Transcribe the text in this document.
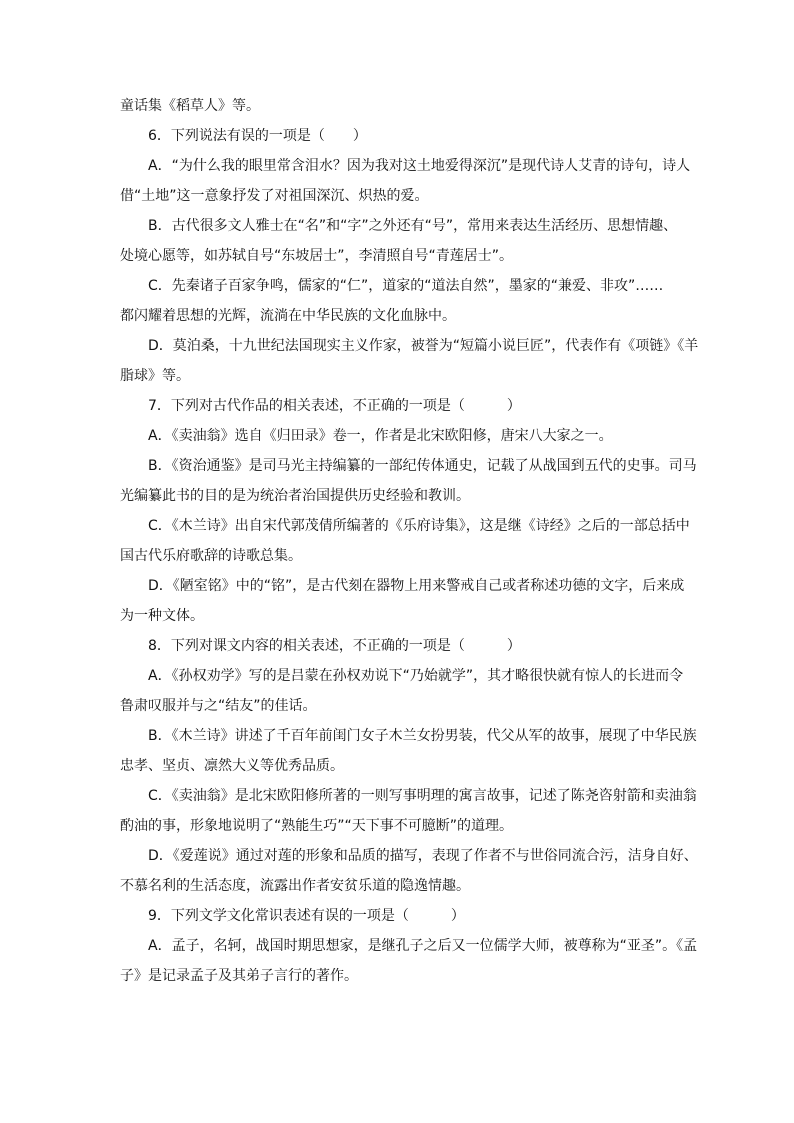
童话集《稻草人》等。
6．下列说法有误的一项是（　　）
A．“为什么我的眼里常含泪水？因为我对这土地爱得深沉”是现代诗人艾青的诗句，诗人
借“土地”这一意象抒发了对祖国深沉、炽热的爱。
B．古代很多文人雅士在“名”和“字”之外还有“号”，常用来表达生活经历、思想情趣、
处境心愿等，如苏轼自号“东坡居士”，李清照自号“青莲居士”。
C．先秦诸子百家争鸣，儒家的“仁”，道家的“道法自然”，墨家的“兼爱、非攻”……
都闪耀着思想的光辉，流淌在中华民族的文化血脉中。
D．莫泊桑，十九世纪法国现实主义作家，被誉为“短篇小说巨匠”，代表作有《项链》《羊
脂球》等。
7．下列对古代作品的相关表述，不正确的一项是（　　　）
A．《卖油翁》选自《归田录》卷一，作者是北宋欧阳修，唐宋八大家之一。
B．《资治通鉴》是司马光主持编纂的一部纪传体通史，记载了从战国到五代的史事。司马
光编纂此书的目的是为统治者治国提供历史经验和教训。
C．《木兰诗》出自宋代郭茂倩所编著的《乐府诗集》，这是继《诗经》之后的一部总括中
国古代乐府歌辞的诗歌总集。
D．《陋室铭》中的“铭”，是古代刻在器物上用来警戒自己或者称述功德的文字，后来成
为一种文体。
8．下列对课文内容的相关表述，不正确的一项是（　　　）
A．《孙权劝学》写的是吕蒙在孙权劝说下“乃始就学”，其才略很快就有惊人的长进而令
鲁肃叹服并与之“结友”的佳话。
B．《木兰诗》讲述了千百年前闺门女子木兰女扮男装，代父从军的故事，展现了中华民族
忠孝、坚贞、凛然大义等优秀品质。
C．《卖油翁》是北宋欧阳修所著的一则写事明理的寓言故事，记述了陈尧咨射箭和卖油翁
酌油的事，形象地说明了“熟能生巧”“天下事不可臆断”的道理。
D．《爱莲说》通过对莲的形象和品质的描写，表现了作者不与世俗同流合污，洁身自好、
不慕名利的生活态度，流露出作者安贫乐道的隐逸情趣。
9．下列文学文化常识表述有误的一项是（　　　）
A．孟子，名轲，战国时期思想家，是继孔子之后又一位儒学大师，被尊称为“亚圣”。《孟
子》是记录孟子及其弟子言行的著作。
